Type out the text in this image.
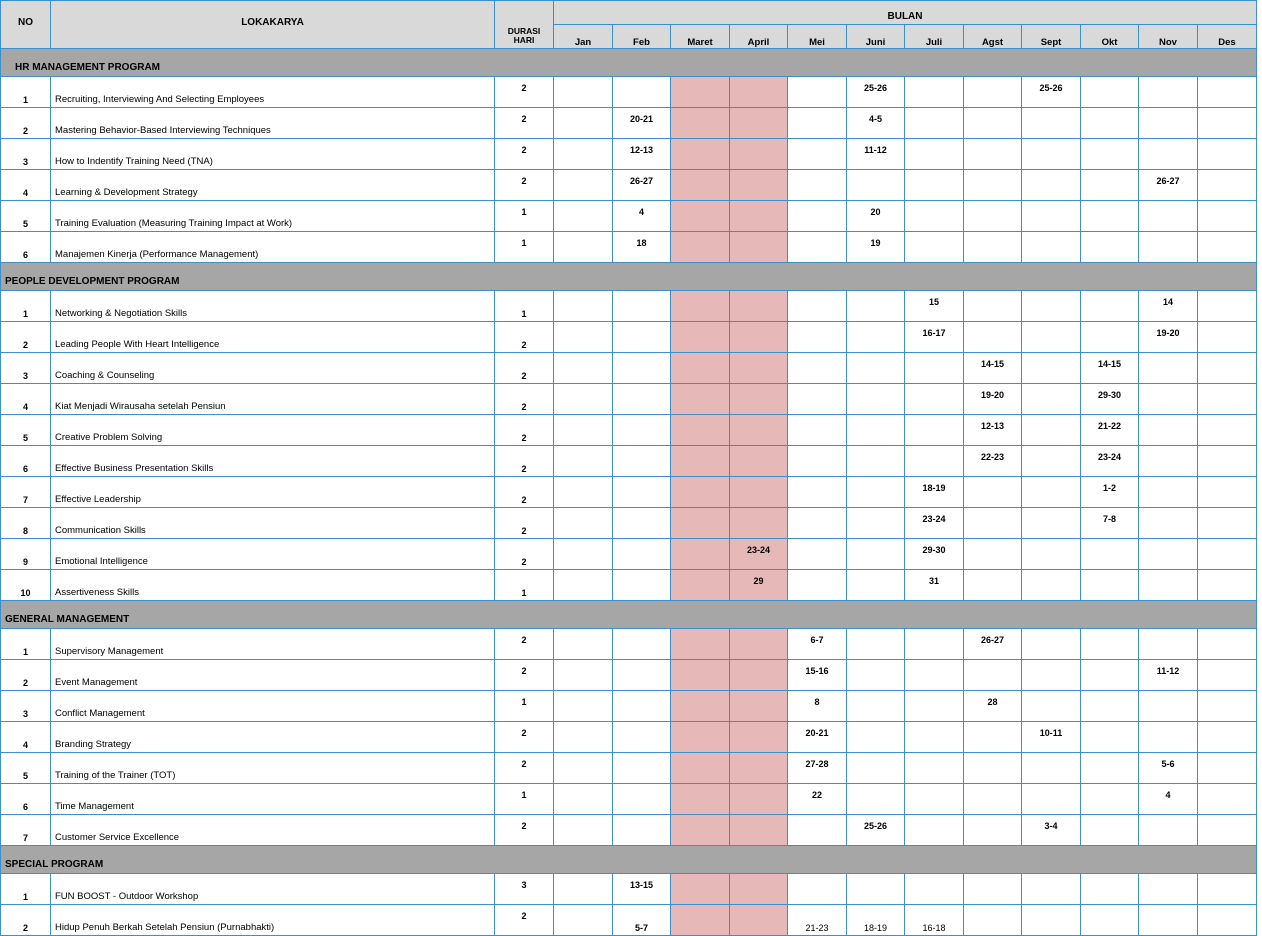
NO	LOKAKARYA	DURASI
HARI	BULAN											
			Jan	Feb	Maret	April	Mei	Juni	Juli	Agst	Sept	Okt	Nov	Des
HR MANAGEMENT PROGRAM														
1	Recruiting, Interviewing And Selecting Employees	2						25-26			25-26			
2	Mastering Behavior-Based Interviewing Techniques	2		20-21				4-5						
3	How to Indentify Training Need (TNA)	2		12-13				11-12						
4	Learning & Development Strategy	2		26-27									26-27	
5	Training Evaluation (Measuring Training Impact at Work)	1		4				20						
6	Manajemen Kinerja (Performance Management)	1		18				19						
PEOPLE DEVELOPMENT PROGRAM														
1	Networking & Negotiation Skills	1							15				14	
2	Leading People With Heart Intelligence	2							16-17				19-20	
3	Coaching & Counseling	2								14-15		14-15		
4	Kiat Menjadi Wirausaha setelah Pensiun	2								19-20		29-30		
5	Creative Problem Solving	2								12-13		21-22		
6	Effective Business Presentation Skills	2								22-23		23-24		
7	Effective Leadership	2							18-19			1-2		
8	Communication Skills	2							23-24			7-8		
9	Emotional Intelligence	2				23-24			29-30					
10	Assertiveness Skills	1				29			31					
GENERAL MANAGEMENT														
1	Supervisory Management	2					6-7			26-27				
2	Event Management	2					15-16						11-12	
3	Conflict Management	1					8			28				
4	Branding Strategy	2					20-21				10-11			
5	Training of the Trainer (TOT)	2					27-28						5-6	
6	Time Management	1					22						4	
7	Customer Service Excellence	2						25-26			3-4			
SPECIAL PROGRAM														
1	FUN BOOST - Outdoor Workshop	3		13-15										
2	Hidup Penuh Berkah Setelah Pensiun (Purnabhakti)	2		5-7			21-23	18-19	16-18					
